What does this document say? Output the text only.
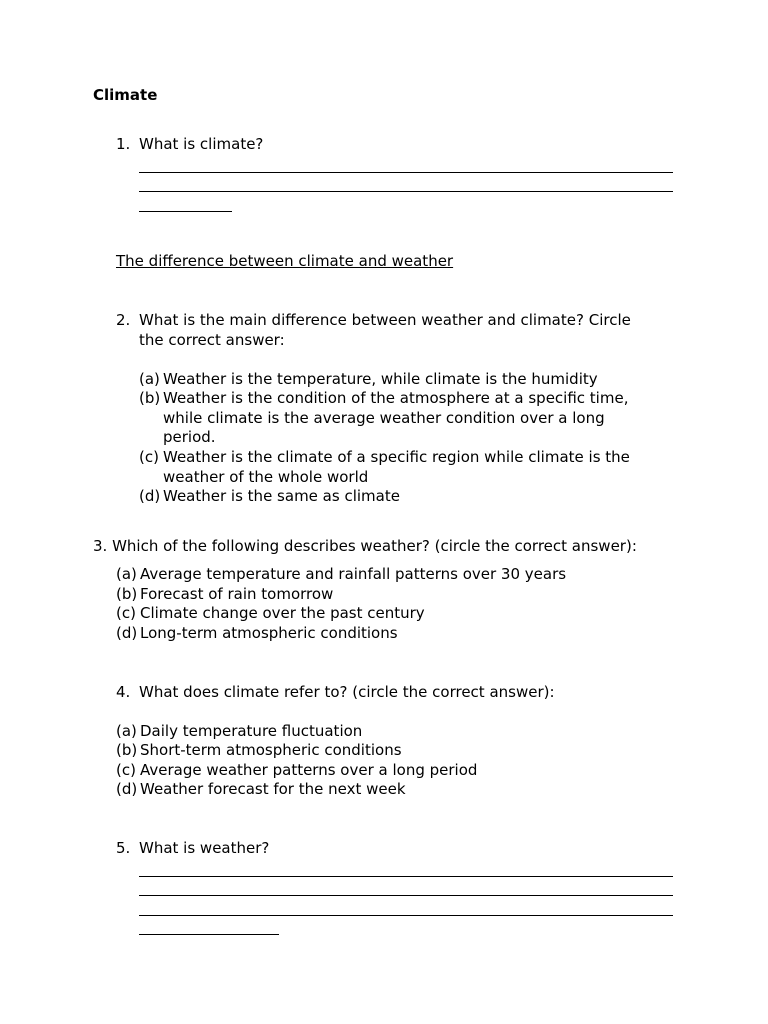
Climate
1. What is climate?
The difference between climate and weather
2. What is the main difference between weather and climate? Circle
the correct answer:
(a) Weather is the temperature, while climate is the humidity
(b) Weather is the condition of the atmosphere at a specific time,
while climate is the average weather condition over a long
period.
(c) Weather is the climate of a specific region while climate is the
weather of the whole world
(d) Weather is the same as climate
3. Which of the following describes weather? (circle the correct answer):
(a) Average temperature and rainfall patterns over 30 years
(b) Forecast of rain tomorrow
(c) Climate change over the past century
(d) Long-term atmospheric conditions
4. What does climate refer to? (circle the correct answer):
(a) Daily temperature fluctuation
(b) Short-term atmospheric conditions
(c) Average weather patterns over a long period
(d) Weather forecast for the next week
5. What is weather?
